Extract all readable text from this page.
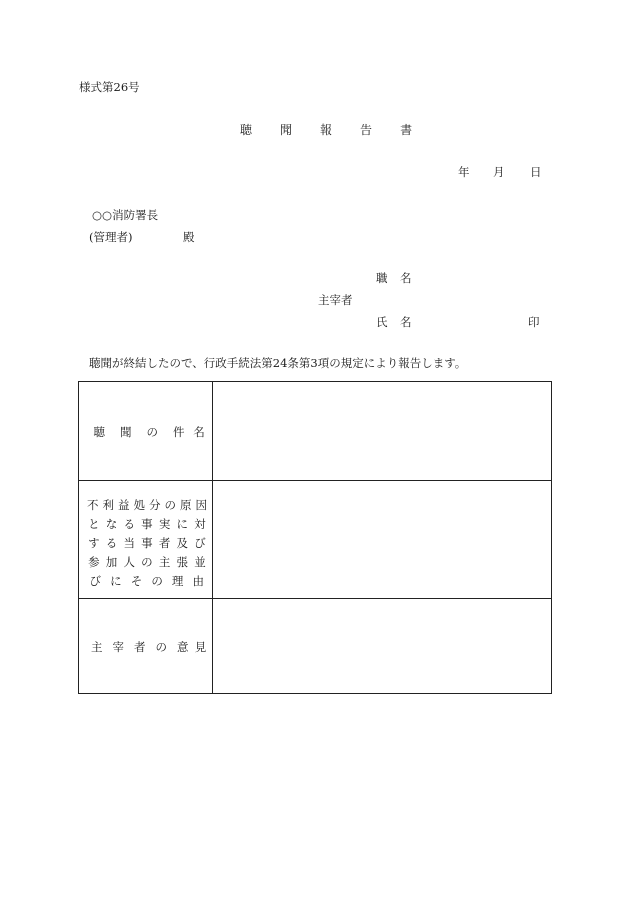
様式第26号
聴 聞 報 告 書
年 月 日
○○消防署長
(管理者)	殿
職 名
主宰者
氏 名	印
聴聞が終結したので、行政手続法第24条第3項の規定により報告します。
聴 聞 の 件 名
不 利 益 処 分 の 原 因
と な る 事 実 に 対
す る 当 事 者 及 び
参 加 人 の 主 張 並
び に そ の 理 由
主 宰 者 の 意 見
